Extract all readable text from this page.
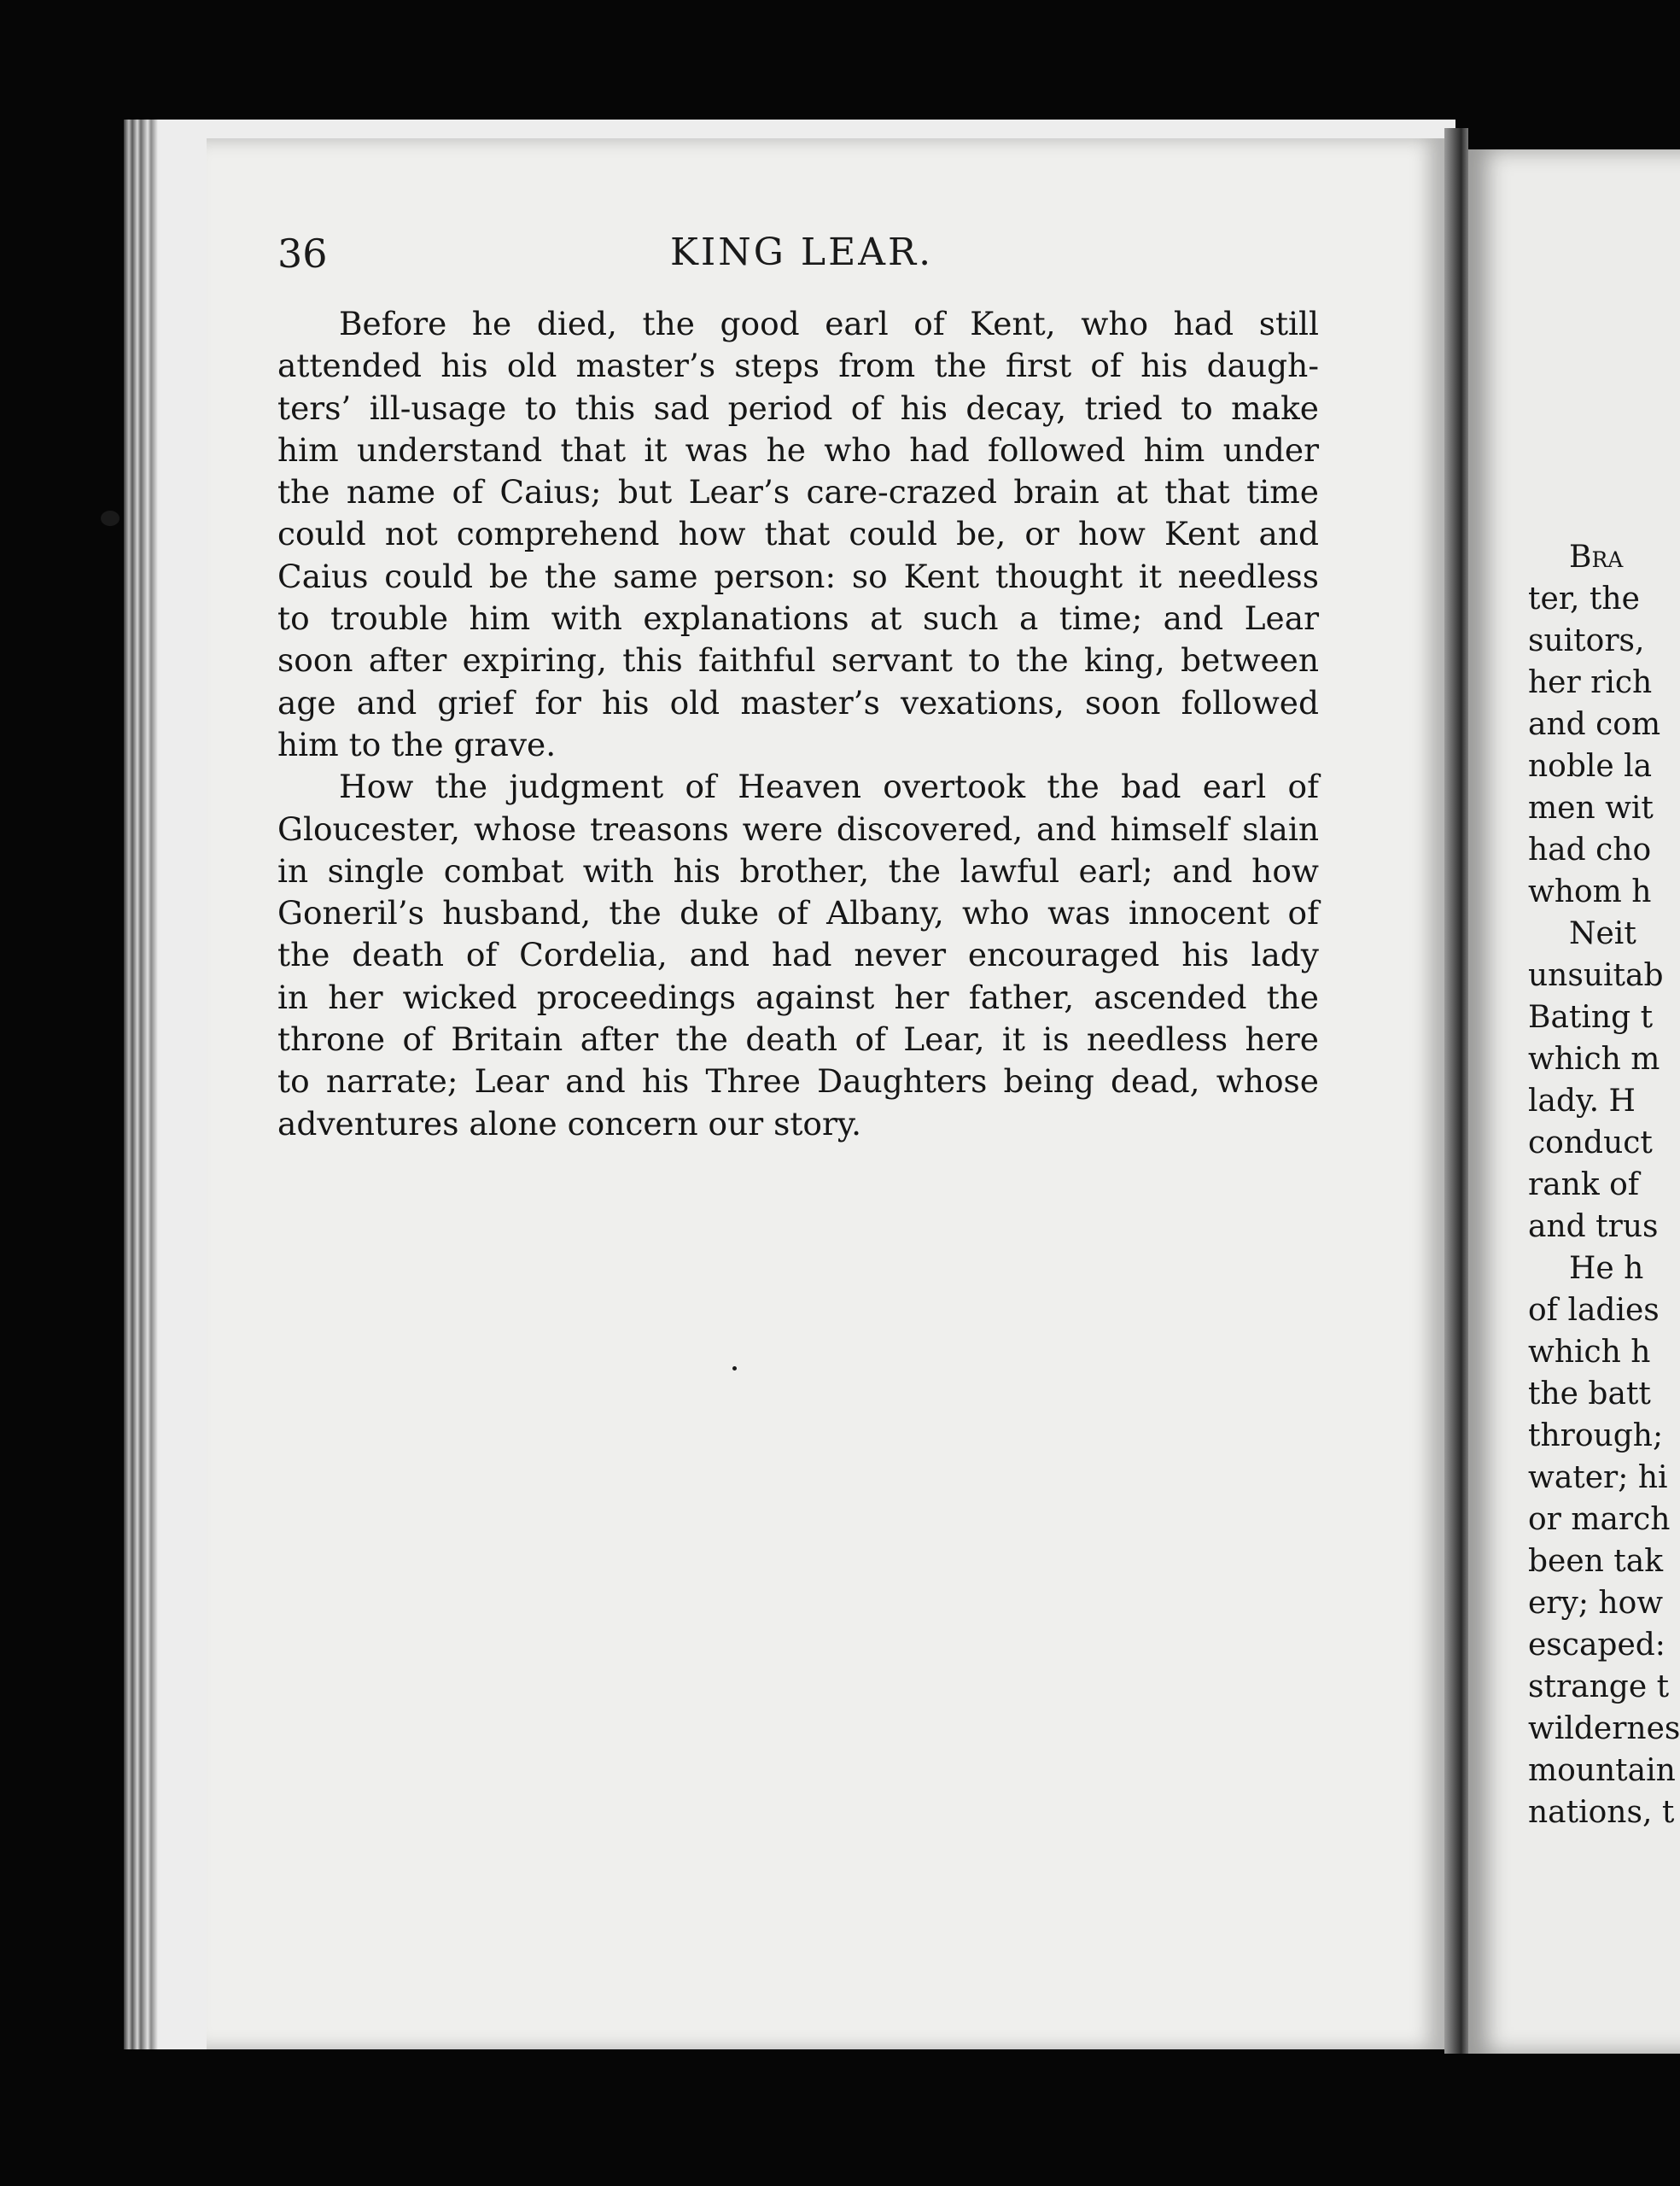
36	KING LEAR.
Before he died, the good earl of Kent, who had still
attended his old master’s steps from the first of his daugh-
ters’ ill-usage to this sad period of his decay, tried to make
him understand that it was he who had followed him under
the name of Caius; but Lear’s care-crazed brain at that time
could not comprehend how that could be, or how Kent and
Caius could be the same person: so Kent thought it needless
to trouble him with explanations at such a time; and Lear
soon after expiring, this faithful servant to the king, between
age and grief for his old master’s vexations, soon followed
him to the grave.
How the judgment of Heaven overtook the bad earl of
Gloucester, whose treasons were discovered, and himself slain
in single combat with his brother, the lawful earl; and how
Goneril’s husband, the duke of Albany, who was innocent of
the death of Cordelia, and had never encouraged his lady
in her wicked proceedings against her father, ascended the
throne of Britain after the death of Lear, it is needless here
to narrate; Lear and his Three Daughters being dead, whose
adventures alone concern our story.
Bra
ter, the
suitors,
her rich
and com
noble la
men wit
had cho
whom h
Neit
unsuitab
Bating t
which m
lady. H
conduct
rank of
and trus
He h
of ladies
which h
the batt
through;
water; hi
or march
been tak
ery; how
escaped:
strange t
wildernes
mountain
nations, t
